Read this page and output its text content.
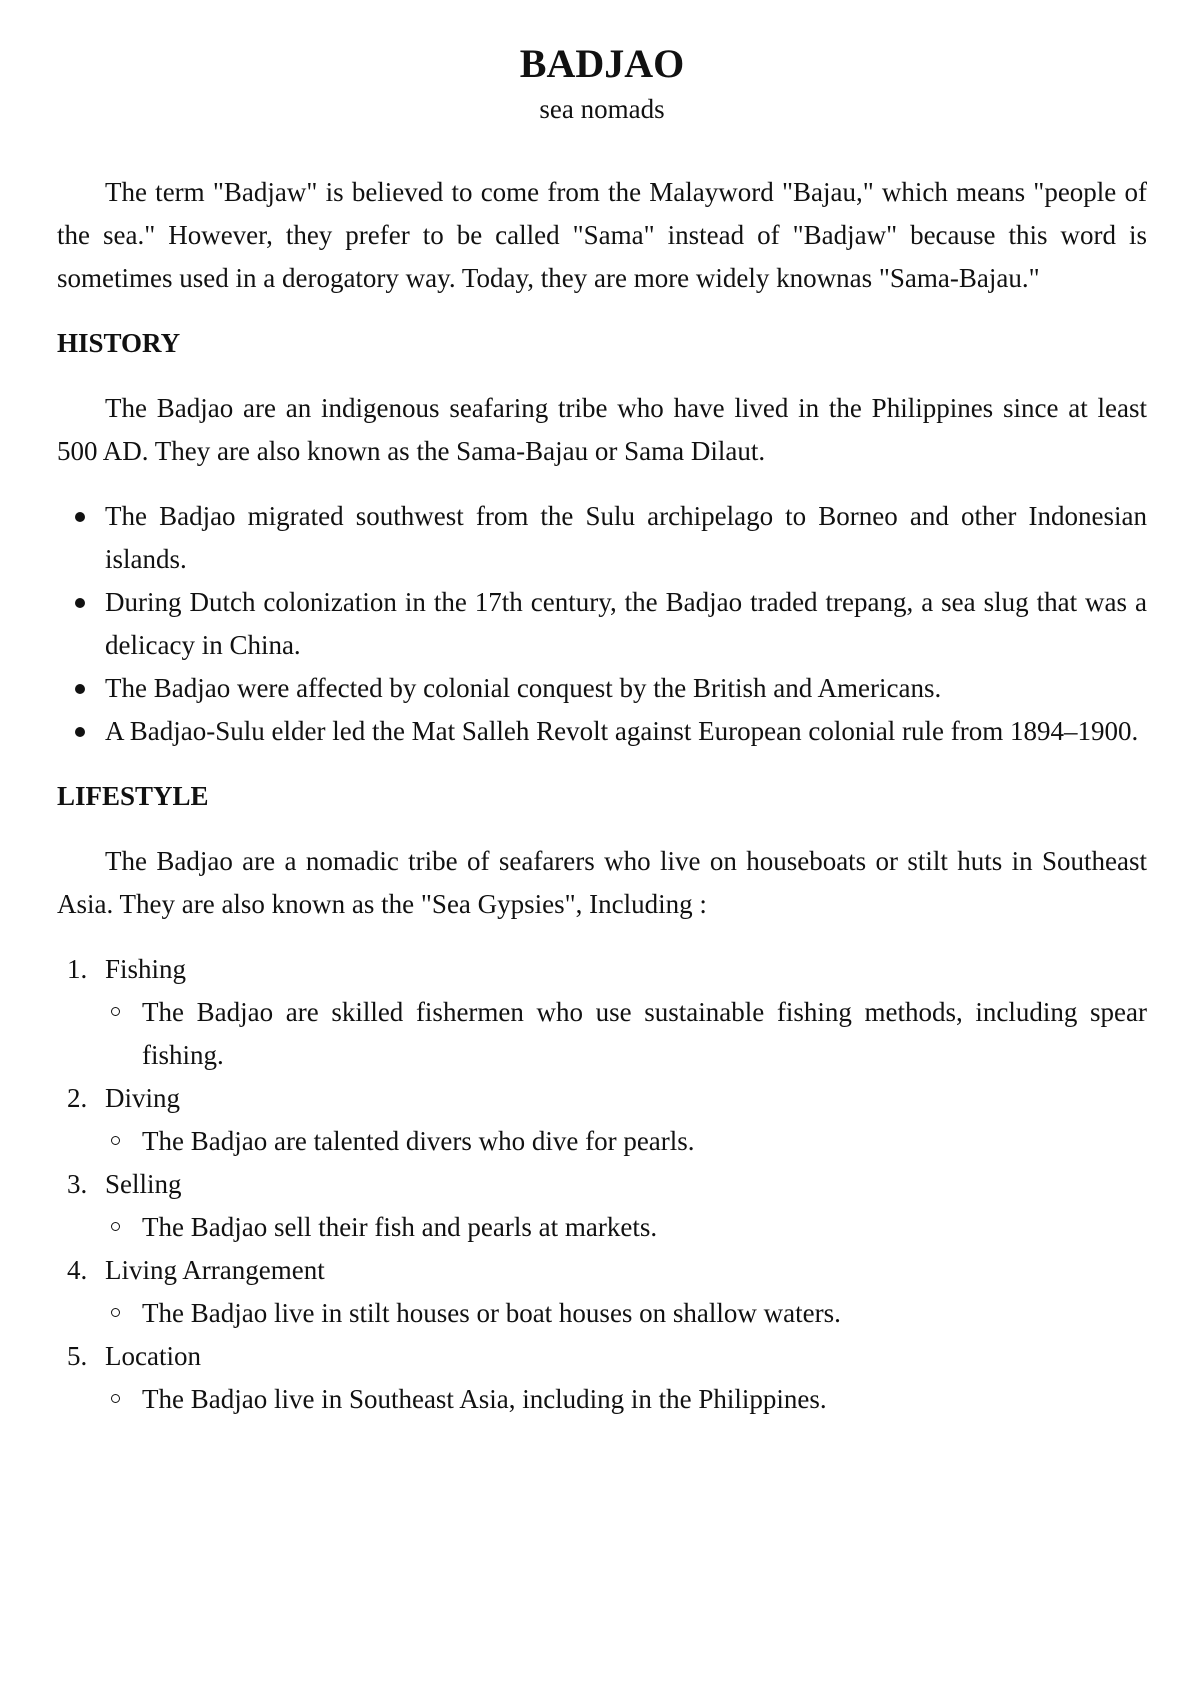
BADJAO

sea nomads

The term "Badjaw" is believed to come from the Malayword "Bajau," which means "people of the sea." However, they prefer to be called "Sama" instead of "Badjaw" because this word is sometimes used in a derogatory way. Today, they are more widely knownas "Sama-Bajau."

HISTORY

The Badjao are an indigenous seafaring tribe who have lived in the Philippines since at least 500 AD. They are also known as the Sama-Bajau or Sama Dilaut.

The Badjao migrated southwest from the Sulu archipelago to Borneo and other Indonesian islands.
During Dutch colonization in the 17th century, the Badjao traded trepang, a sea slug that was a delicacy in China.
The Badjao were affected by colonial conquest by the British and Americans.
A Badjao-Sulu elder led the Mat Salleh Revolt against European colonial rule from 1894–1900.
LIFESTYLE

The Badjao are a nomadic tribe of seafarers who live on houseboats or stilt huts in Southeast Asia. They are also known as the "Sea Gypsies", Including :

1. Fishing
The Badjao are skilled fishermen who use sustainable fishing methods, including spear fishing.
2. Diving
The Badjao are talented divers who dive for pearls.
3. Selling
The Badjao sell their fish and pearls at markets.
4. Living Arrangement
The Badjao live in stilt houses or boat houses on shallow waters.
5. Location
The Badjao live in Southeast Asia, including in the Philippines.
